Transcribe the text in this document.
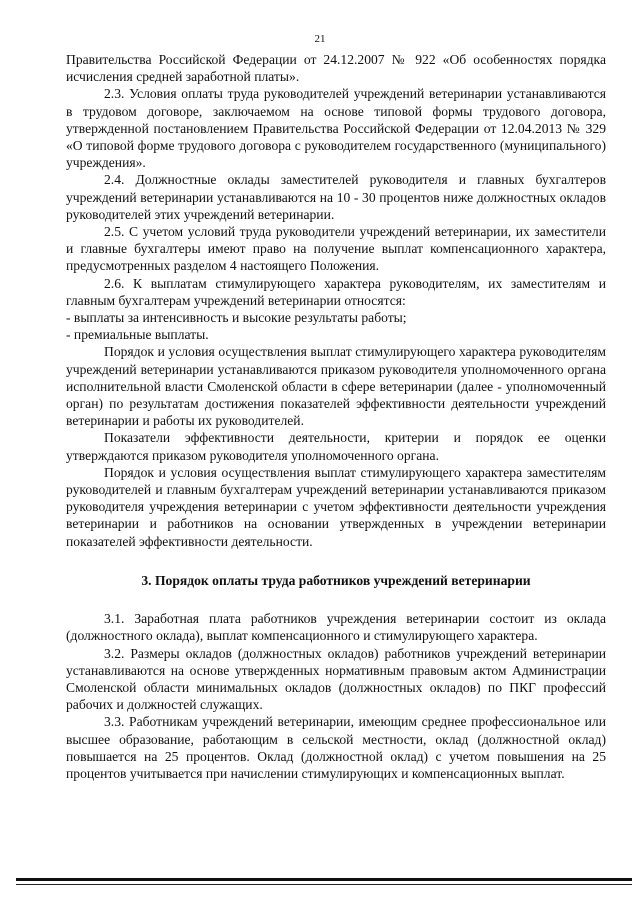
21

Правительства Российской Федерации от 24.12.2007 № 922 «Об особенностях порядка исчисления средней заработной платы».

2.3. Условия оплаты труда руководителей учреждений ветеринарии устанавливаются в трудовом договоре, заключаемом на основе типовой формы трудового договора, утвержденной постановлением Правительства Российской Федерации от 12.04.2013 № 329 «О типовой форме трудового договора с руководителем государственного (муниципального) учреждения».

2.4. Должностные оклады заместителей руководителя и главных бухгалтеров учреждений ветеринарии устанавливаются на 10 - 30 процентов ниже должностных окладов руководителей этих учреждений ветеринарии.

2.5. С учетом условий труда руководители учреждений ветеринарии, их заместители и главные бухгалтеры имеют право на получение выплат компенсационного характера, предусмотренных разделом 4 настоящего Положения.

2.6. К выплатам стимулирующего характера руководителям, их заместителям и главным бухгалтерам учреждений ветеринарии относятся:

- выплаты за интенсивность и высокие результаты работы;

- премиальные выплаты.

Порядок и условия осуществления выплат стимулирующего характера руководителям учреждений ветеринарии устанавливаются приказом руководителя уполномоченного органа исполнительной власти Смоленской области в сфере ветеринарии (далее - уполномоченный орган) по результатам достижения показателей эффективности деятельности учреждений ветеринарии и работы их руководителей.

Показатели эффективности деятельности, критерии и порядок ее оценки утверждаются приказом руководителя уполномоченного органа.

Порядок и условия осуществления выплат стимулирующего характера заместителям руководителей и главным бухгалтерам учреждений ветеринарии устанавливаются приказом руководителя учреждения ветеринарии с учетом эффективности деятельности учреждения ветеринарии и работников на основании утвержденных в учреждении ветеринарии показателей эффективности деятельности.

3. Порядок оплаты труда работников учреждений ветеринарии

3.1. Заработная плата работников учреждения ветеринарии состоит из оклада (должностного оклада), выплат компенсационного и стимулирующего характера.

3.2. Размеры окладов (должностных окладов) работников учреждений ветеринарии устанавливаются на основе утвержденных нормативным правовым актом Администрации Смоленской области минимальных окладов (должностных окладов) по ПКГ профессий рабочих и должностей служащих.

3.3. Работникам учреждений ветеринарии, имеющим среднее профессиональное или высшее образование, работающим в сельской местности, оклад (должностной оклад) повышается на 25 процентов. Оклад (должностной оклад) с учетом повышения на 25 процентов учитывается при начислении стимулирующих и компенсационных выплат.
